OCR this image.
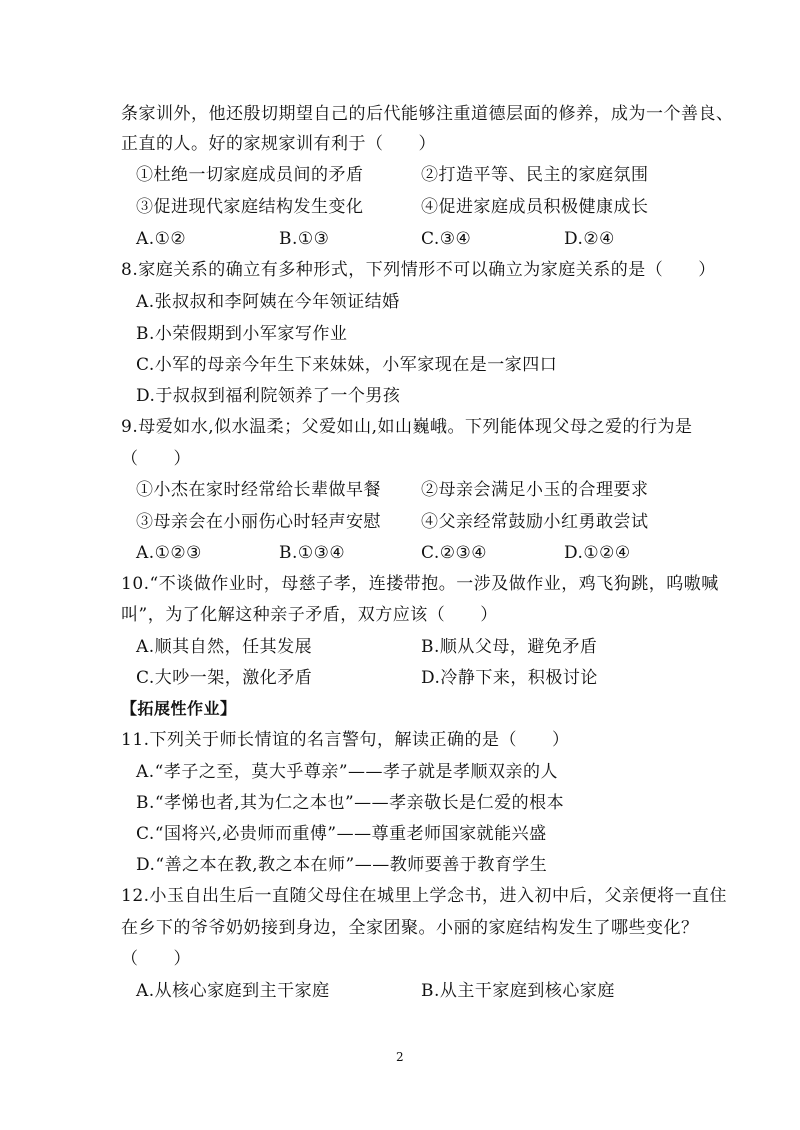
条家训外，他还殷切期望自己的后代能够注重道德层面的修养，成为一个善良、
正直的人。好的家规家训有利于（　　）
①杜绝一切家庭成员间的矛盾	②打造平等、民主的家庭氛围
③促进现代家庭结构发生变化	④促进家庭成员积极健康成长
A.①②	B.①③	C.③④	D.②④
8.家庭关系的确立有多种形式，下列情形不可以确立为家庭关系的是（　　）
A.张叔叔和李阿姨在今年领证结婚
B.小荣假期到小军家写作业
C.小军的母亲今年生下来妹妹，小军家现在是一家四口
D.于叔叔到福利院领养了一个男孩
9.母爱如水,似水温柔；父爱如山,如山巍峨。下列能体现父母之爱的行为是
（　　）
①小杰在家时经常给长辈做早餐 ②母亲会满足小玉的合理要求
③母亲会在小丽伤心时轻声安慰 ④父亲经常鼓励小红勇敢尝试
A.①②③	B.①③④	C.②③④	D.①②④
10.“不谈做作业时，母慈子孝，连搂带抱。一涉及做作业，鸡飞狗跳，呜嗷喊
叫”，为了化解这种亲子矛盾，双方应该（　　）
A.顺其自然，任其发展	B.顺从父母，避免矛盾
C.大吵一架，激化矛盾	D.冷静下来，积极讨论
【拓展性作业】
11.下列关于师长情谊的名言警句，解读正确的是（　　）
A.“孝子之至，莫大乎尊亲”——孝子就是孝顺双亲的人
B.“孝悌也者,其为仁之本也”——孝亲敬长是仁爱的根本
C.“国将兴,必贵师而重傅”——尊重老师国家就能兴盛
D.“善之本在教,教之本在师”——教师要善于教育学生
12.小玉自出生后一直随父母住在城里上学念书，进入初中后，父亲便将一直住
在乡下的爷爷奶奶接到身边，全家团聚。小丽的家庭结构发生了哪些变化？
（　　）
A.从核心家庭到主干家庭	B.从主干家庭到核心家庭
2
